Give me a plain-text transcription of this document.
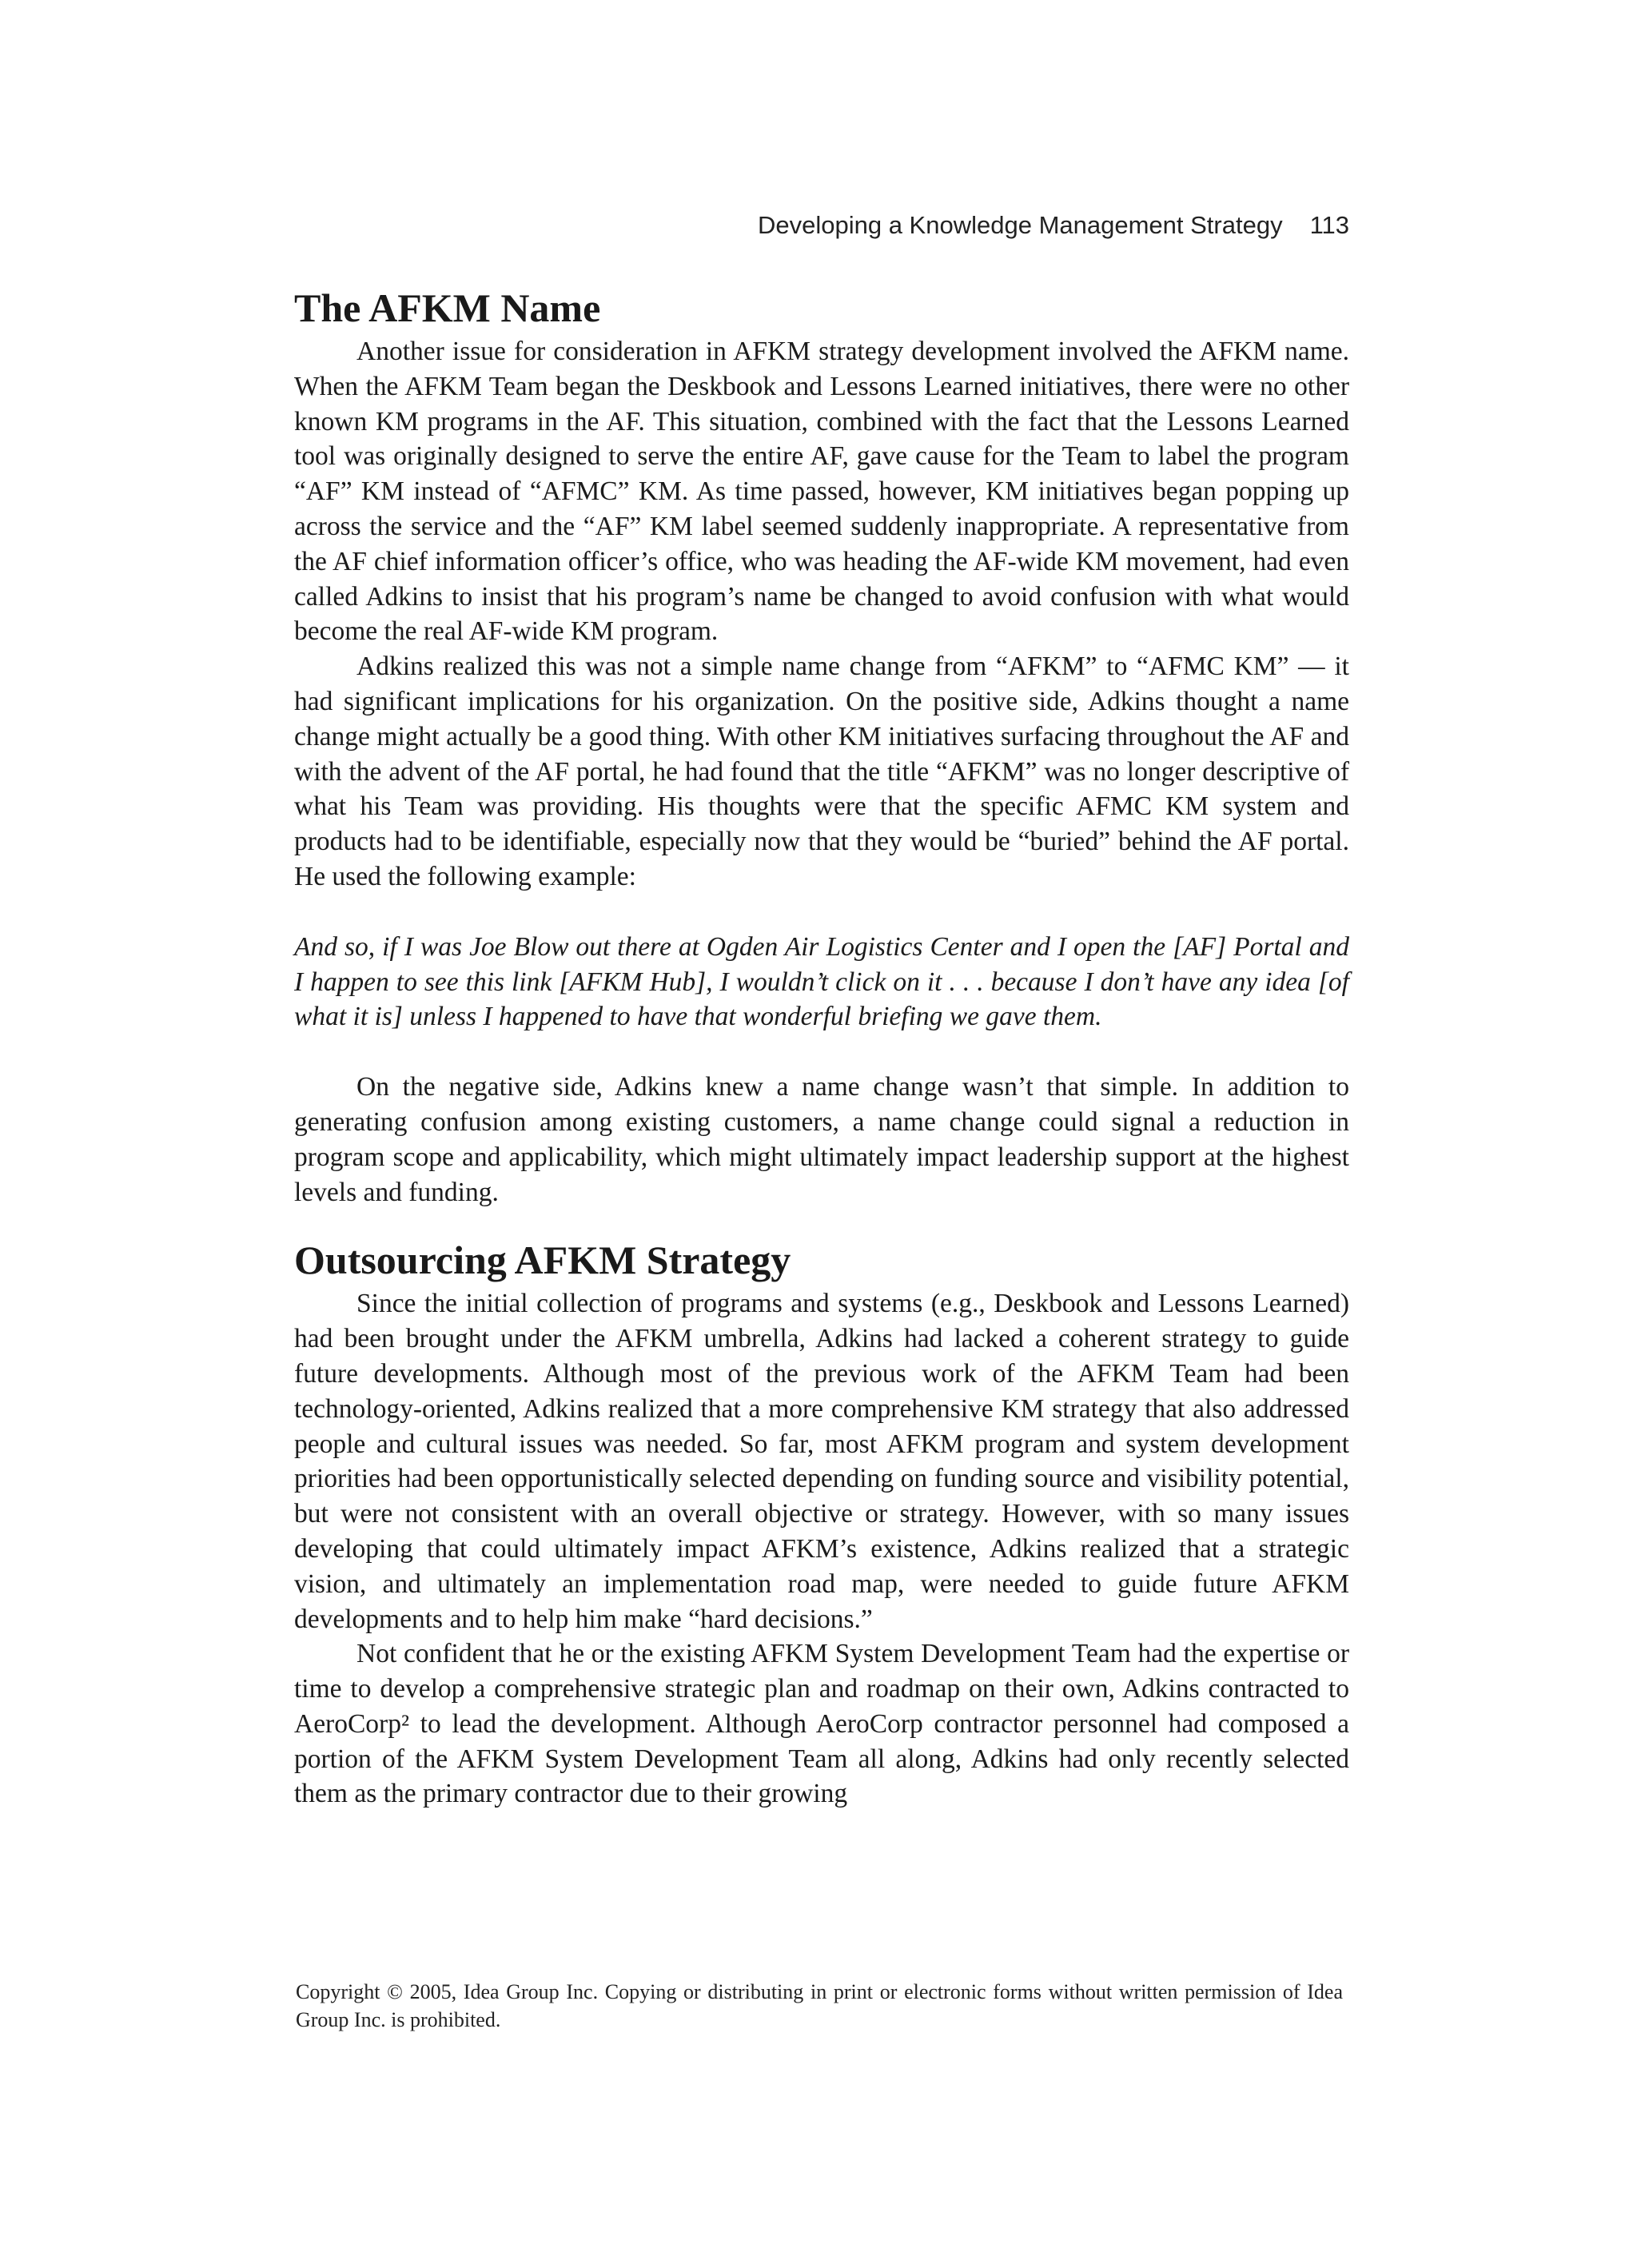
Developing a Knowledge Management Strategy 113
The AFKM Name

Another issue for consideration in AFKM strategy development involved the AFKM name. When the AFKM Team began the Deskbook and Lessons Learned initiatives, there were no other known KM programs in the AF. This situation, combined with the fact that the Lessons Learned tool was originally designed to serve the entire AF, gave cause for the Team to label the program “AF” KM instead of “AFMC” KM. As time passed, however, KM initiatives began popping up across the service and the “AF” KM label seemed suddenly inappropriate. A representative from the AF chief information officer’s office, who was heading the AF-wide KM movement, had even called Adkins to insist that his program’s name be changed to avoid confusion with what would become the real AF-wide KM program.

Adkins realized this was not a simple name change from “AFKM” to “AFMC KM” — it had significant implications for his organization. On the positive side, Adkins thought a name change might actually be a good thing. With other KM initiatives surfacing throughout the AF and with the advent of the AF portal, he had found that the title “AFKM” was no longer descriptive of what his Team was providing. His thoughts were that the specific AFMC KM system and products had to be identifiable, especially now that they would be “buried” behind the AF portal. He used the following example:

And so, if I was Joe Blow out there at Ogden Air Logistics Center and I open the [AF] Portal and I happen to see this link [AFKM Hub], I wouldn’t click on it . . . because I don’t have any idea [of what it is] unless I happened to have that wonderful briefing we gave them.

On the negative side, Adkins knew a name change wasn’t that simple. In addition to generating confusion among existing customers, a name change could signal a reduction in program scope and applicability, which might ultimately impact leadership support at the highest levels and funding.

Outsourcing AFKM Strategy

Since the initial collection of programs and systems (e.g., Deskbook and Lessons Learned) had been brought under the AFKM umbrella, Adkins had lacked a coherent strategy to guide future developments. Although most of the previous work of the AFKM Team had been technology-oriented, Adkins realized that a more comprehensive KM strategy that also addressed people and cultural issues was needed. So far, most AFKM program and system development priorities had been opportunistically selected depending on funding source and visibility potential, but were not consistent with an overall objective or strategy. However, with so many issues developing that could ultimately impact AFKM’s existence, Adkins realized that a strategic vision, and ultimately an implementation road map, were needed to guide future AFKM developments and to help him make “hard decisions.”

Not confident that he or the existing AFKM System Development Team had the expertise or time to develop a comprehensive strategic plan and roadmap on their own, Adkins contracted to AeroCorp² to lead the development. Although AeroCorp contractor personnel had composed a portion of the AFKM System Development Team all along, Adkins had only recently selected them as the primary contractor due to their growing

Copyright © 2005, Idea Group Inc. Copying or distributing in print or electronic forms without written permission of Idea Group Inc. is prohibited.
